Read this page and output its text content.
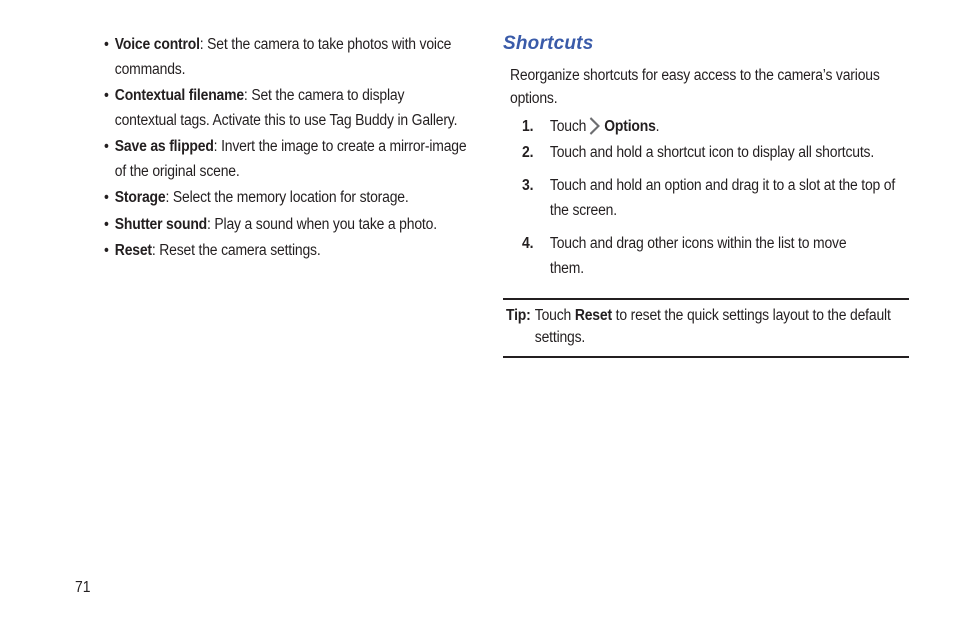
• Voice control: Set the camera to take photos with voice commands.
• Contextual filename: Set the camera to display contextual tags. Activate this to use Tag Buddy in Gallery.
• Save as flipped: Invert the image to create a mirror-image of the original scene.
• Storage: Select the memory location for storage.
• Shutter sound: Play a sound when you take a photo.
• Reset: Reset the camera settings.
Shortcuts
Reorganize shortcuts for easy access to the camera’s various options.
1. Touch Options.
2. Touch and hold a shortcut icon to display all shortcuts.
3. Touch and hold an option and drag it to a slot at the top of the screen.
4. Touch and drag other icons within the list to move them.
Tip: Touch Reset to reset the quick settings layout to the default settings.
71
